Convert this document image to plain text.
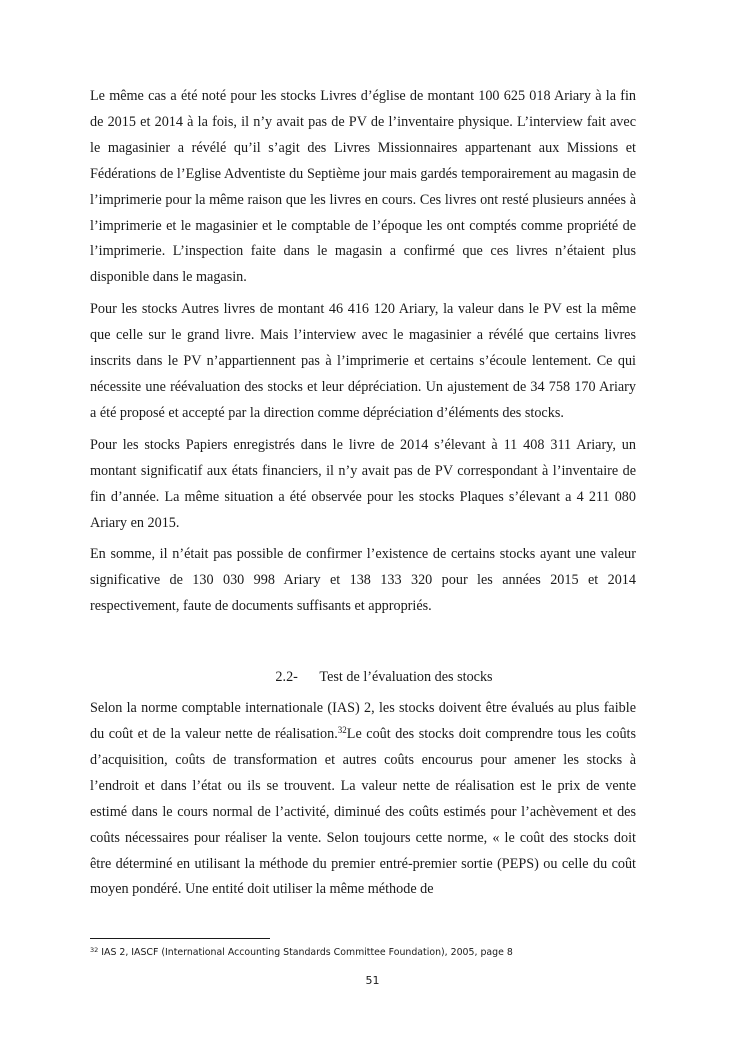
Le même cas a été noté pour les stocks Livres d’église de montant 100 625 018 Ariary à la fin de 2015 et 2014 à la fois, il n’y avait pas de PV de l’inventaire physique. L’interview fait avec le magasinier a révélé qu’il s’agit des Livres Missionnaires appartenant aux Missions et Fédérations de l’Eglise Adventiste du Septième jour mais gardés temporairement au magasin de l’imprimerie pour la même raison que les livres en cours. Ces livres ont resté plusieurs années à l’imprimerie et le magasinier et le comptable de l’époque les ont comptés comme propriété de l’imprimerie. L’inspection faite dans le magasin a confirmé que ces livres n’étaient plus disponible dans le magasin.

Pour les stocks Autres livres de montant 46 416 120 Ariary, la valeur dans le PV est la même que celle sur le grand livre. Mais l’interview avec le magasinier a révélé que certains livres inscrits dans le PV n’appartiennent pas à l’imprimerie et certains s’écoule lentement. Ce qui nécessite une réévaluation des stocks et leur dépréciation. Un ajustement de 34 758 170 Ariary a été proposé et accepté par la direction comme dépréciation d’éléments des stocks.

Pour les stocks Papiers enregistrés dans le livre de 2014 s’élevant à 11 408 311 Ariary, un montant significatif aux états financiers, il n’y avait pas de PV correspondant à l’inventaire de fin d’année. La même situation a été observée pour les stocks Plaques s’élevant a 4 211 080 Ariary en 2015.

En somme, il n’était pas possible de confirmer l’existence de certains stocks ayant une valeur significative de 130 030 998 Ariary et 138 133 320 pour les années 2015 et 2014 respectivement, faute de documents suffisants et appropriés.

2.2- Test de l’évaluation des stocks

Selon la norme comptable internationale (IAS) 2, les stocks doivent être évalués au plus faible du coût et de la valeur nette de réalisation.$^{32}$Le coût des stocks doit comprendre tous les coûts d’acquisition, coûts de transformation et autres coûts encourus pour amener les stocks à l’endroit et dans l’état ou ils se trouvent. La valeur nette de réalisation est le prix de vente estimé dans le cours normal de l’activité, diminué des coûts estimés pour l’achèvement et des coûts nécessaires pour réaliser la vente. Selon toujours cette norme, « le coût des stocks doit être déterminé en utilisant la méthode du premier entré-premier sortie (PEPS) ou celle du coût moyen pondéré. Une entité doit utiliser la même méthode de

$^{32}$ IAS 2, IASCF (International Accounting Standards Committee Foundation), 2005, page 8
51
